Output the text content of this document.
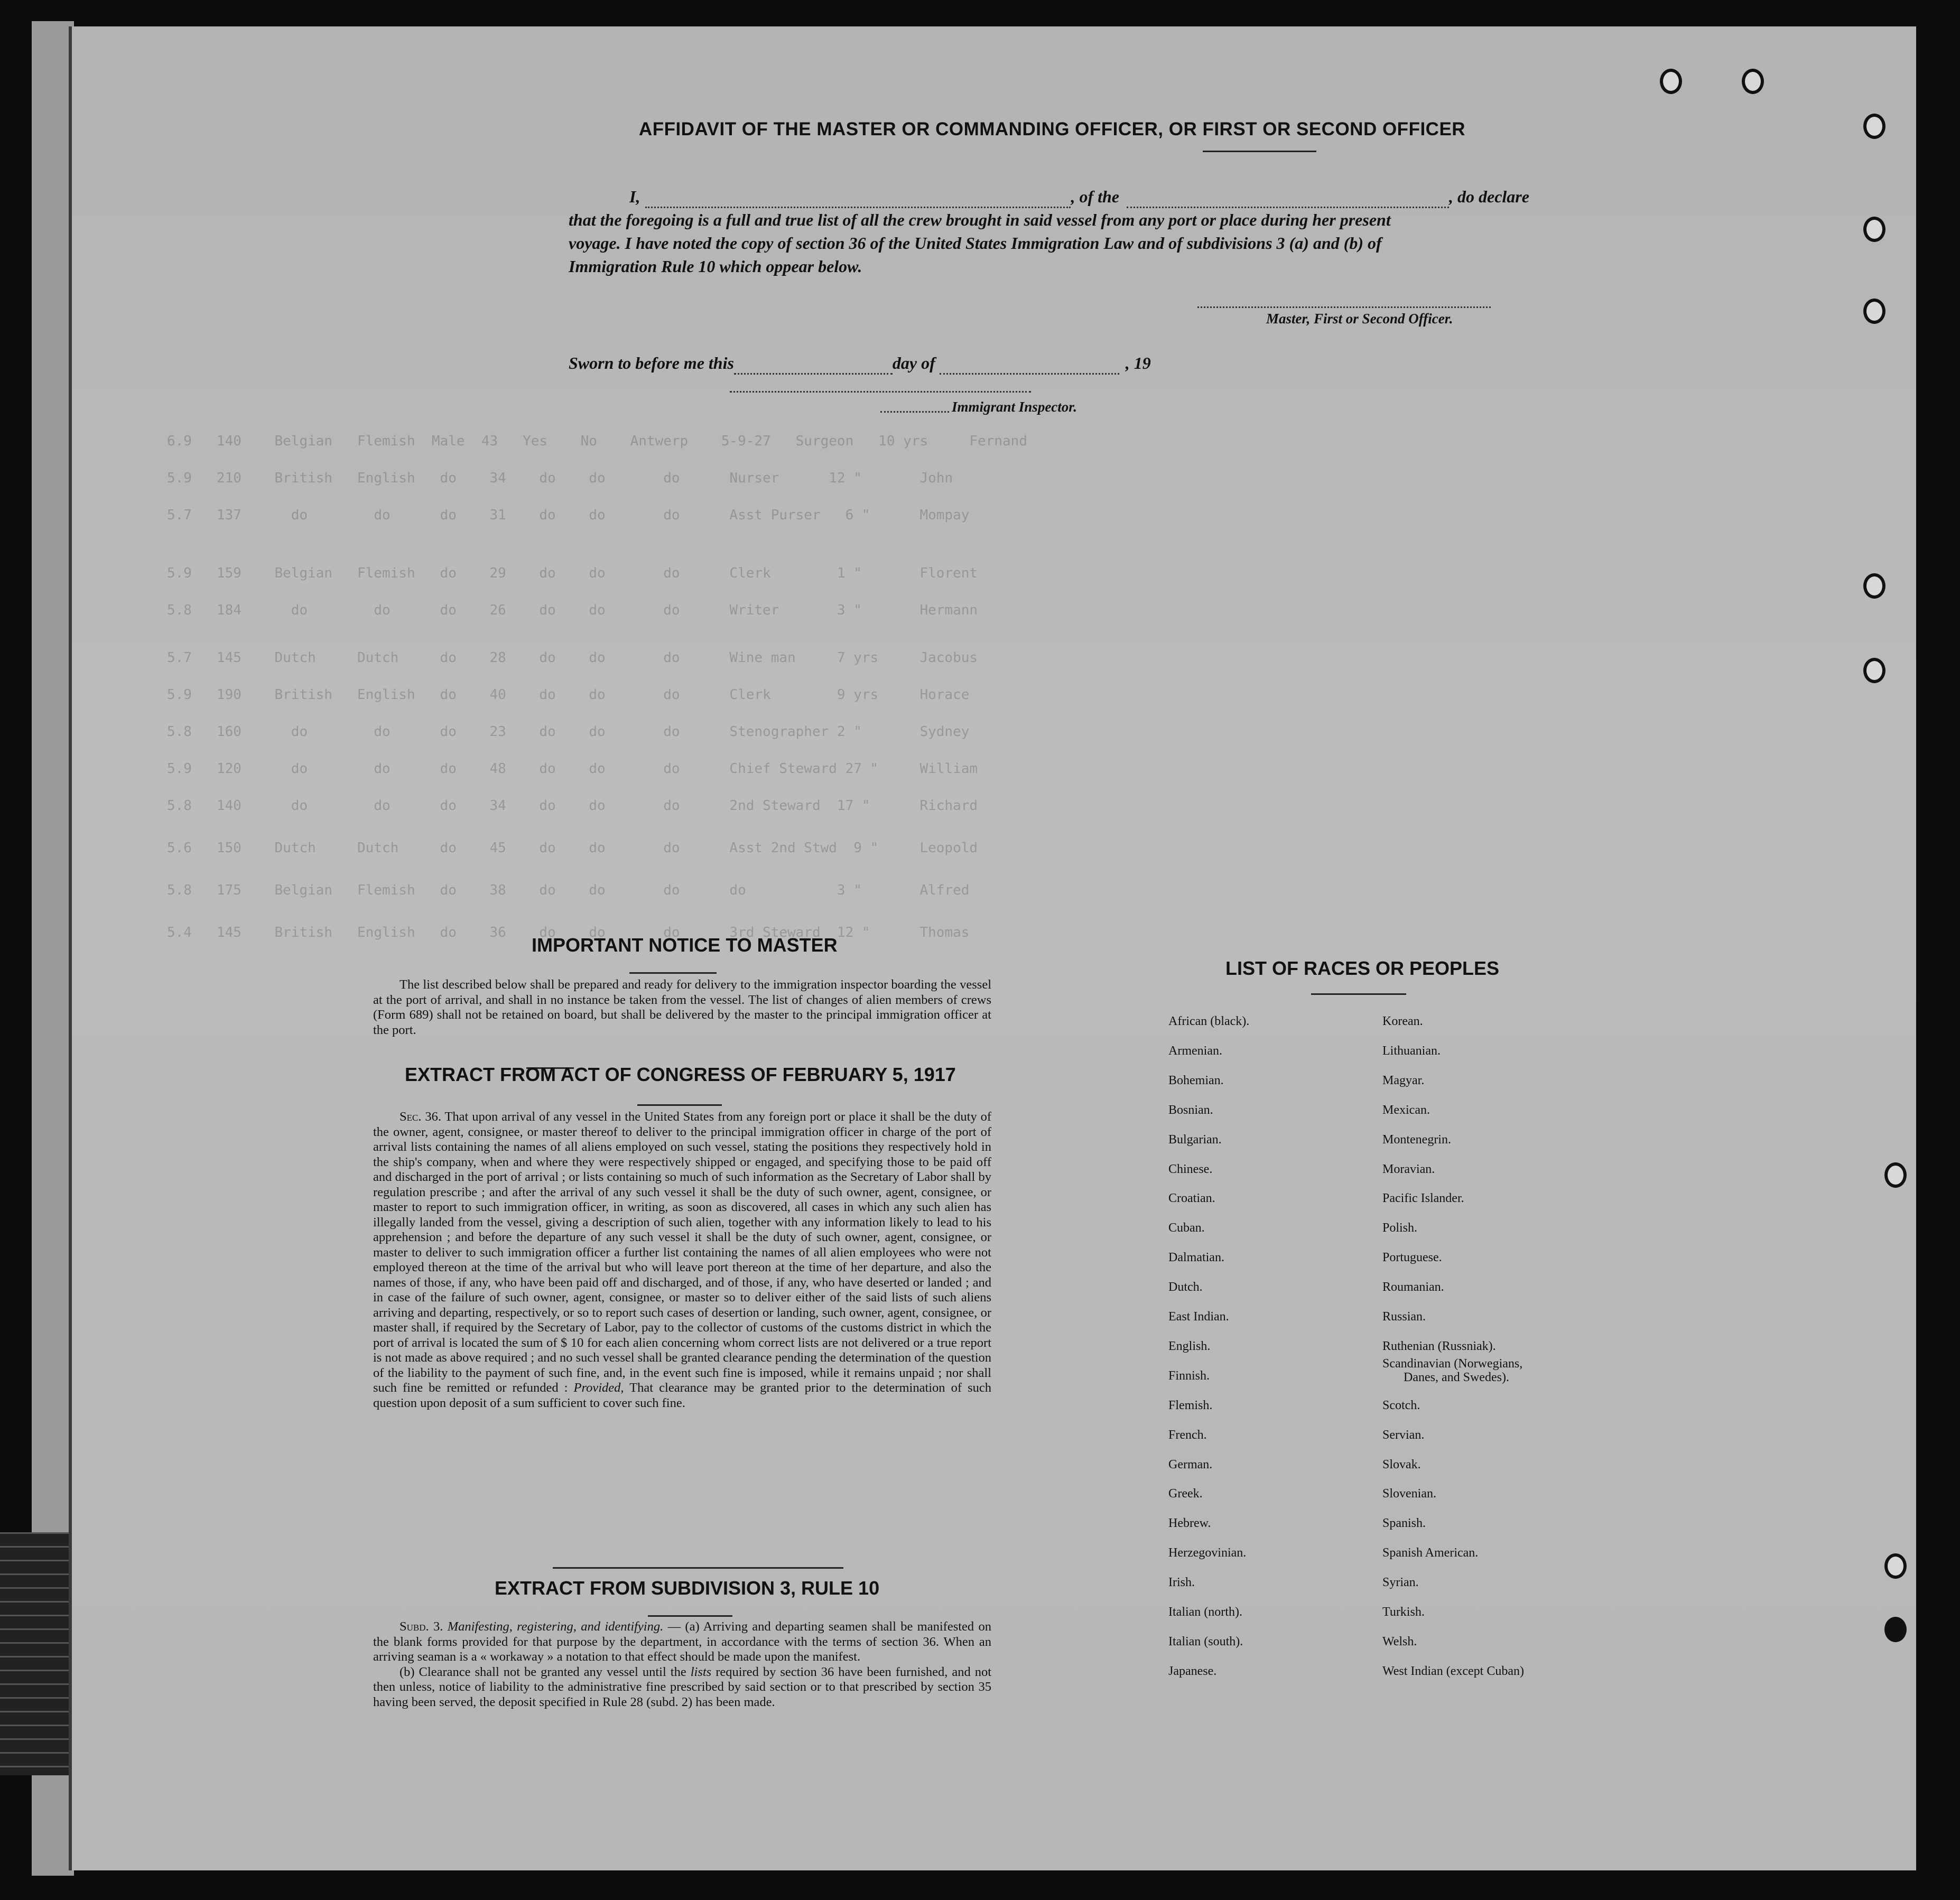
6.9   140    Belgian   Flemish  Male  43   Yes    No    Antwerp    5-9-27   Surgeon   10 yrs     Fernand
5.9   210    British   English   do    34    do    do       do      Nurser      12 "       John
5.7   137      do        do      do    31    do    do       do      Asst Purser   6 "      Mompay
5.9   159    Belgian   Flemish   do    29    do    do       do      Clerk        1 "       Florent
5.8   184      do        do      do    26    do    do       do      Writer       3 "       Hermann
5.7   145    Dutch     Dutch     do    28    do    do       do      Wine man     7 yrs     Jacobus
5.9   190    British   English   do    40    do    do       do      Clerk        9 yrs     Horace
5.8   160      do        do      do    23    do    do       do      Stenographer 2 "       Sydney
5.9   120      do        do      do    48    do    do       do      Chief Steward 27 "     William
5.8   140      do        do      do    34    do    do       do      2nd Steward  17 "      Richard
5.6   150    Dutch     Dutch     do    45    do    do       do      Asst 2nd Stwd  9 "     Leopold
5.8   175    Belgian   Flemish   do    38    do    do       do      do           3 "       Alfred
5.4   145    British   English   do    36    do    do       do      3rd Steward  12 "      Thomas
AFFIDAVIT OF THE MASTER OR COMMANDING OFFICER, OR FIRST OR SECOND OFFICER
I,	, of the	, do declare
that the foregoing is a full and true list of all the crew brought in said vessel from any port or place during her present
voyage. I have noted the copy of section 36 of the United States Immigration Law and of subdivisions 3 (a) and (b) of
Immigration Rule 10 which oppear below.
Master, First or Second Officer.
Sworn to before me this	day of	, 19
Immigrant Inspector.
IMPORTANT NOTICE TO MASTER
The list described below shall be prepared and ready for delivery to the immigration inspector boarding the vessel at the port of arrival, and shall in no instance be taken from the vessel. The list of changes of alien members of crews (Form 689) shall not be retained on board, but shall be delivered by the master to the principal immigration officer at the port.
EXTRACT FROM ACT OF CONGRESS OF FEBRUARY 5, 1917
Sec. 36. That upon arrival of any vessel in the United States from any foreign port or place it shall be the duty of the owner, agent, consignee, or master thereof to deliver to the principal immigration officer in charge of the port of arrival lists containing the names of all aliens employed on such vessel, stating the positions they respectively hold in the ship's company, when and where they were respectively shipped or engaged, and specifying those to be paid off and discharged in the port of arrival ; or lists containing so much of such information as the Secretary of Labor shall by regulation prescribe ; and after the arrival of any such vessel it shall be the duty of such owner, agent, consignee, or master to report to such immigration officer, in writing, as soon as discovered, all cases in which any such alien has illegally landed from the vessel, giving a description of such alien, together with any information likely to lead to his apprehension ; and before the departure of any such vessel it shall be the duty of such owner, agent, consignee, or master to deliver to such immigration officer a further list containing the names of all alien employees who were not employed thereon at the time of the arrival but who will leave port thereon at the time of her departure, and also the names of those, if any, who have been paid off and discharged, and of those, if any, who have deserted or landed ; and in case of the failure of such owner, agent, consignee, or master so to deliver either of the said lists of such aliens arriving and departing, respectively, or so to report such cases of desertion or landing, such owner, agent, consignee, or master shall, if required by the Secretary of Labor, pay to the collector of customs of the customs district in which the port of arrival is located the sum of $ 10 for each alien concerning whom correct lists are not delivered or a true report is not made as above required ; and no such vessel shall be granted clearance pending the determination of the question of the liability to the payment of such fine, and, in the event such fine is imposed, while it remains unpaid ; nor shall such fine be remitted or refunded : Provided, That clearance may be granted prior to the determination of such question upon deposit of a sum sufficient to cover such fine.
EXTRACT FROM SUBDIVISION 3, RULE 10
Subd. 3. Manifesting, registering, and identifying. — (a) Arriving and departing seamen shall be manifested on the blank forms provided for that purpose by the department, in accordance with the terms of section 36. When an arriving seaman is a « workaway » a notation to that effect should be made upon the manifest.
(b) Clearance shall not be granted any vessel until the lists required by section 36 have been furnished, and not then unless, notice of liability to the administrative fine prescribed by said section or to that prescribed by section 35 having been served, the deposit specified in Rule 28 (subd. 2) has been made.
LIST OF RACES OR PEOPLES
African (black).
Armenian.
Bohemian.
Bosnian.
Bulgarian.
Chinese.
Croatian.
Cuban.
Dalmatian.
Dutch.
East Indian.
English.
Finnish.
Flemish.
French.
German.
Greek.
Hebrew.
Herzegovinian.
Irish.
Italian (north).
Italian (south).
Japanese.
Korean.
Lithuanian.
Magyar.
Mexican.
Montenegrin.
Moravian.
Pacific Islander.
Polish.
Portuguese.
Roumanian.
Russian.
Ruthenian (Russniak).
Scandinavian (Norwegians,
Danes, and Swedes).
Scotch.
Servian.
Slovak.
Slovenian.
Spanish.
Spanish American.
Syrian.
Turkish.
Welsh.
West Indian (except Cuban)
